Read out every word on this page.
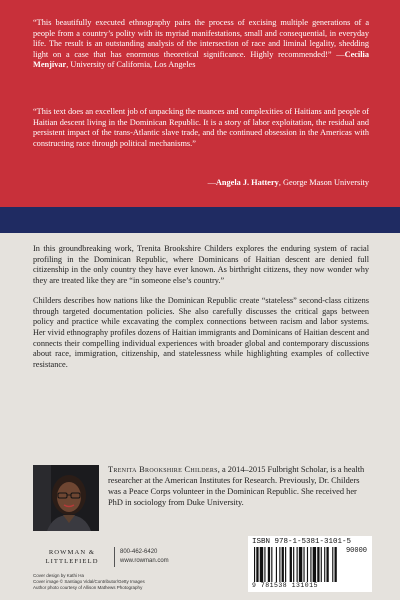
“This beautifully executed ethnography pairs the process of excising multiple generations of a people from a country’s polity with its myriad manifestations, small and consequential, in everyday life. The result is an outstanding analysis of the intersection of race and liminal legality, shedding light on a case that has enormous theoretical significance. Highly recommended!” —Cecilia Menjívar, University of California, Los Angeles

“This text does an excellent job of unpacking the nuances and complexities of Haitians and people of Haitian descent living in the Dominican Republic. It is a story of labor exploitation, the residual and persistent impact of the trans-Atlantic slave trade, and the continued obsession in the Americas with constructing race through political mechanisms.”

—Angela J. Hattery, George Mason University

In this groundbreaking work, Trenita Brookshire Childers explores the enduring system of racial profiling in the Dominican Republic, where Dominicans of Haitian descent are denied full citizenship in the only country they have ever known. As birthright citizens, they now wonder why they are treated like they are “in someone else’s country.”

Childers describes how nations like the Dominican Republic create “stateless” second-class citizens through targeted documentation policies. She also carefully discusses the critical gaps between policy and practice while excavating the complex connections between racism and labor systems. Her vivid ethnography profiles dozens of Haitian immigrants and Dominicans of Haitian descent and connects their compelling individual experiences with broader global and contemporary discussions about race, immigration, citizenship, and statelessness while highlighting examples of collective resistance.

Trenita Brookshire Childers, a 2014–2015 Fulbright Scholar, is a health researcher at the American Institutes for Research. Previously, Dr. Childers was a Peace Corps volunteer in the Dominican Republic. She received her PhD in sociology from Duke University.

ROWMAN &
LITTLEFIELD
800-462-6420
www.rowman.com
Cover design by Kathi Ha
Cover image © Santiago Vidal/Contributor/Getty Images
Author photo courtesy of Allison Mathews Photography
ISBN 978-1-5381-3101-5
90000
9 781538 131015
